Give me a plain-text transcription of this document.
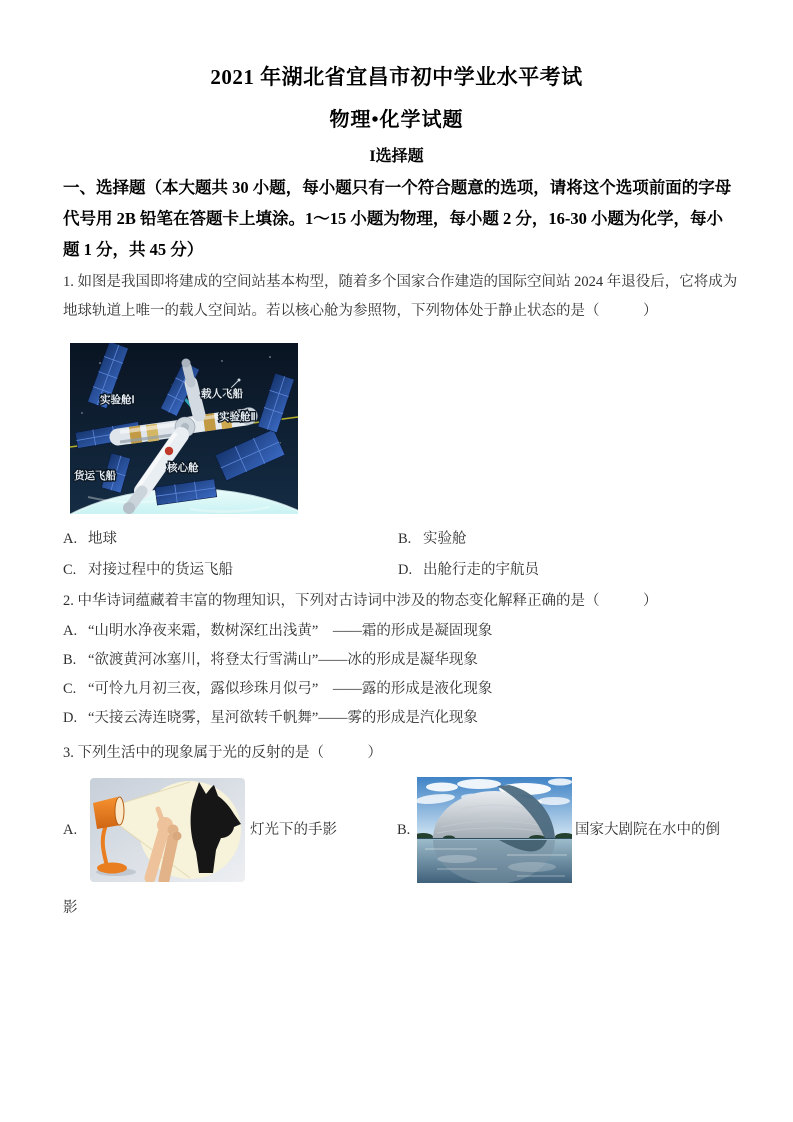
2021 年湖北省宜昌市初中学业水平考试
物理•化学试题
I选择题
一、选择题（本大题共 30 小题，每小题只有一个符合题意的选项，请将这个选项前面的字母
代号用 2B 铅笔在答题卡上填涂。1～15 小题为物理，每小题 2 分，16-30 小题为化学，每小
题 1 分，共 45 分）
1. 如图是我国即将建成的空间站基本构型，随着多个国家合作建造的国际空间站 2024 年退役后，它将成为
地球轨道上唯一的载人空间站。若以核心舱为参照物，下列物体处于静止状态的是（　　　）
实验舱Ⅰ
载人飞船
实验舱Ⅱ
货运飞船
核心舱
A. 地球	B. 实验舱
C. 对接过程中的货运飞船	D. 出舱行走的宇航员
2. 中华诗词蕴藏着丰富的物理知识，下列对古诗词中涉及的物态变化解释正确的是（　　　）
A. “山明水净夜来霜，数树深红出浅黄”　——霜的形成是凝固现象
B. “欲渡黄河冰塞川，将登太行雪满山”——冰的形成是凝华现象
C. “可怜九月初三夜，露似珍珠月似弓”　——露的形成是液化现象
D. “天接云涛连晓雾，星河欲转千帆舞”——雾的形成是汽化现象
3. 下列生活中的现象属于光的反射的是（　　　）
A.	灯光下的手影	B.	国家大剧院在水中的倒
影
